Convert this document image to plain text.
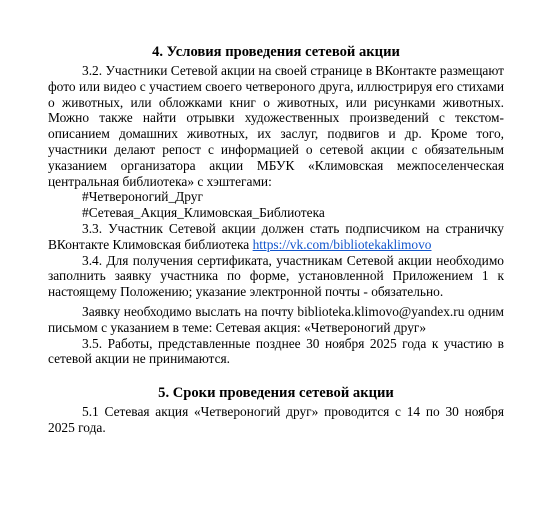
4. Условия проведения сетевой акции

3.2. Участники Сетевой акции на своей странице в ВКонтакте размещают фото или видео с участием своего четвероного друга, иллюстрируя его стихами о животных, или обложками книг о животных, или рисунками животных. Можно также найти отрывки художественных произведений с текстом-описанием домашних животных, их заслуг, подвигов и др. Кроме того, участники делают репост с информацией о сетевой акции с обязательным указанием организатора акции МБУК «Климовская межпоселенческая центральная библиотека» с хэштегами:

#Четвероногий_Друг

#Сетевая_Акция_Климовская_Библиотека

3.3. Участник Сетевой акции должен стать подписчиком на страничку ВКонтакте Климовская библиотека https://vk.com/bibliotekaklimovo

3.4. Для получения сертификата, участникам Сетевой акции необходимо заполнить заявку участника по форме, установленной Приложением 1 к настоящему Положению; указание электронной почты - обязательно.

Заявку необходимо выслать на почту biblioteka.klimovo@yandex.ru одним письмом с указанием в теме: Сетевая акция: «Четвероногий друг»

3.5. Работы, представленные позднее 30 ноября 2025 года к участию в сетевой акции не принимаются.

5. Сроки проведения сетевой акции

5.1 Сетевая акция «Четвероногий друг» проводится с 14 по 30 ноября 2025 года.
